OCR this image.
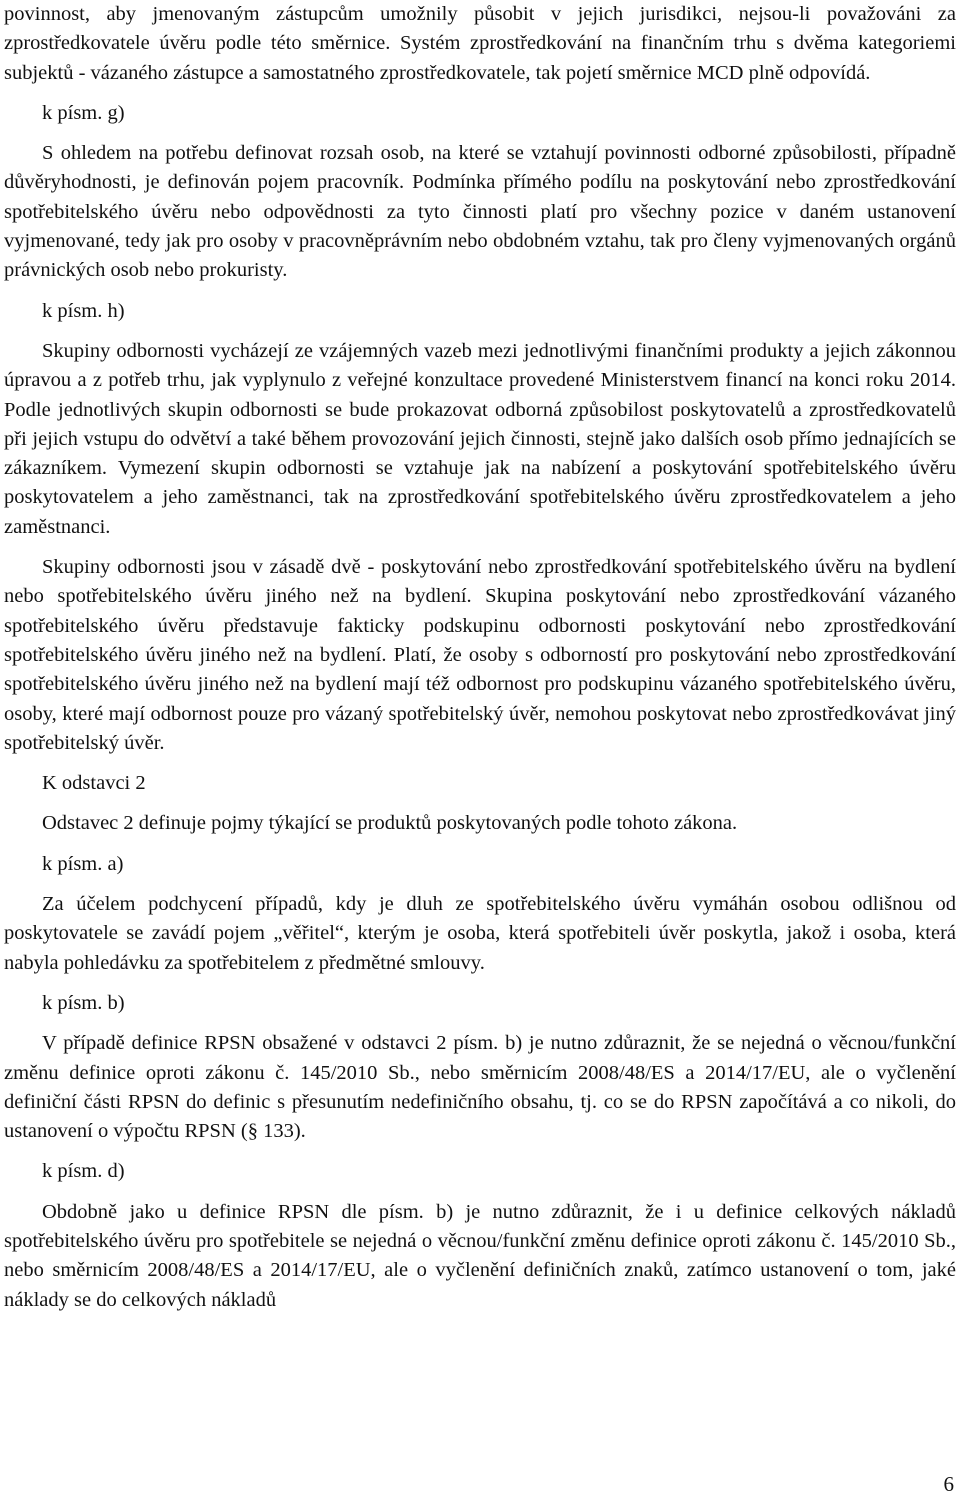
povinnost, aby jmenovaným zástupcům umožnily působit v jejich jurisdikci, nejsou-li považováni za zprostředkovatele úvěru podle této směrnice. Systém zprostředkování na finančním trhu s dvěma kategoriemi subjektů - vázaného zástupce a samostatného zprostředkovatele, tak pojetí směrnice MCD plně odpovídá.

k písm. g)

S ohledem na potřebu definovat rozsah osob, na které se vztahují povinnosti odborné způsobilosti, případně důvěryhodnosti, je definován pojem pracovník. Podmínka přímého podílu na poskytování nebo zprostředkování spotřebitelského úvěru nebo odpovědnosti za tyto činnosti platí pro všechny pozice v daném ustanovení vyjmenované, tedy jak pro osoby v pracovněprávním nebo obdobném vztahu, tak pro členy vyjmenovaných orgánů právnických osob nebo prokuristy.

k písm. h)

Skupiny odbornosti vycházejí ze vzájemných vazeb mezi jednotlivými finančními produkty a jejich zákonnou úpravou a z potřeb trhu, jak vyplynulo z veřejné konzultace provedené Ministerstvem financí na konci roku 2014. Podle jednotlivých skupin odbornosti se bude prokazovat odborná způsobilost poskytovatelů a zprostředkovatelů při jejich vstupu do odvětví a také během provozování jejich činnosti, stejně jako dalších osob přímo jednajících se zákazníkem. Vymezení skupin odbornosti se vztahuje jak na nabízení a poskytování spotřebitelského úvěru poskytovatelem a jeho zaměstnanci, tak na zprostředkování spotřebitelského úvěru zprostředkovatelem a jeho zaměstnanci.

Skupiny odbornosti jsou v zásadě dvě - poskytování nebo zprostředkování spotřebitelského úvěru na bydlení nebo spotřebitelského úvěru jiného než na bydlení. Skupina poskytování nebo zprostředkování vázaného spotřebitelského úvěru představuje fakticky podskupinu odbornosti poskytování nebo zprostředkování spotřebitelského úvěru jiného než na bydlení. Platí, že osoby s odborností pro poskytování nebo zprostředkování spotřebitelského úvěru jiného než na bydlení mají též odbornost pro podskupinu vázaného spotřebitelského úvěru, osoby, které mají odbornost pouze pro vázaný spotřebitelský úvěr, nemohou poskytovat nebo zprostředkovávat jiný spotřebitelský úvěr.

K odstavci 2

Odstavec 2 definuje pojmy týkající se produktů poskytovaných podle tohoto zákona.

k písm. a)

Za účelem podchycení případů, kdy je dluh ze spotřebitelského úvěru vymáhán osobou odlišnou od poskytovatele se zavádí pojem „věřitel“, kterým je osoba, která spotřebiteli úvěr poskytla, jakož i osoba, která nabyla pohledávku za spotřebitelem z předmětné smlouvy.

k písm. b)

V případě definice RPSN obsažené v odstavci 2 písm. b) je nutno zdůraznit, že se nejedná o věcnou/funkční změnu definice oproti zákonu č. 145/2010 Sb., nebo směrnicím 2008/48/ES a 2014/17/EU, ale o vyčlenění definiční části RPSN do definic s přesunutím nedefiničního obsahu, tj. co se do RPSN započítává a co nikoli, do ustanovení o výpočtu RPSN (§ 133).

k písm. d)

Obdobně jako u definice RPSN dle písm. b) je nutno zdůraznit, že i u definice celkových nákladů spotřebitelského úvěru pro spotřebitele se nejedná o věcnou/funkční změnu definice oproti zákonu č. 145/2010 Sb., nebo směrnicím 2008/48/ES a 2014/17/EU, ale o vyčlenění definičních znaků, zatímco ustanovení o tom, jaké náklady se do celkových nákladů

6
